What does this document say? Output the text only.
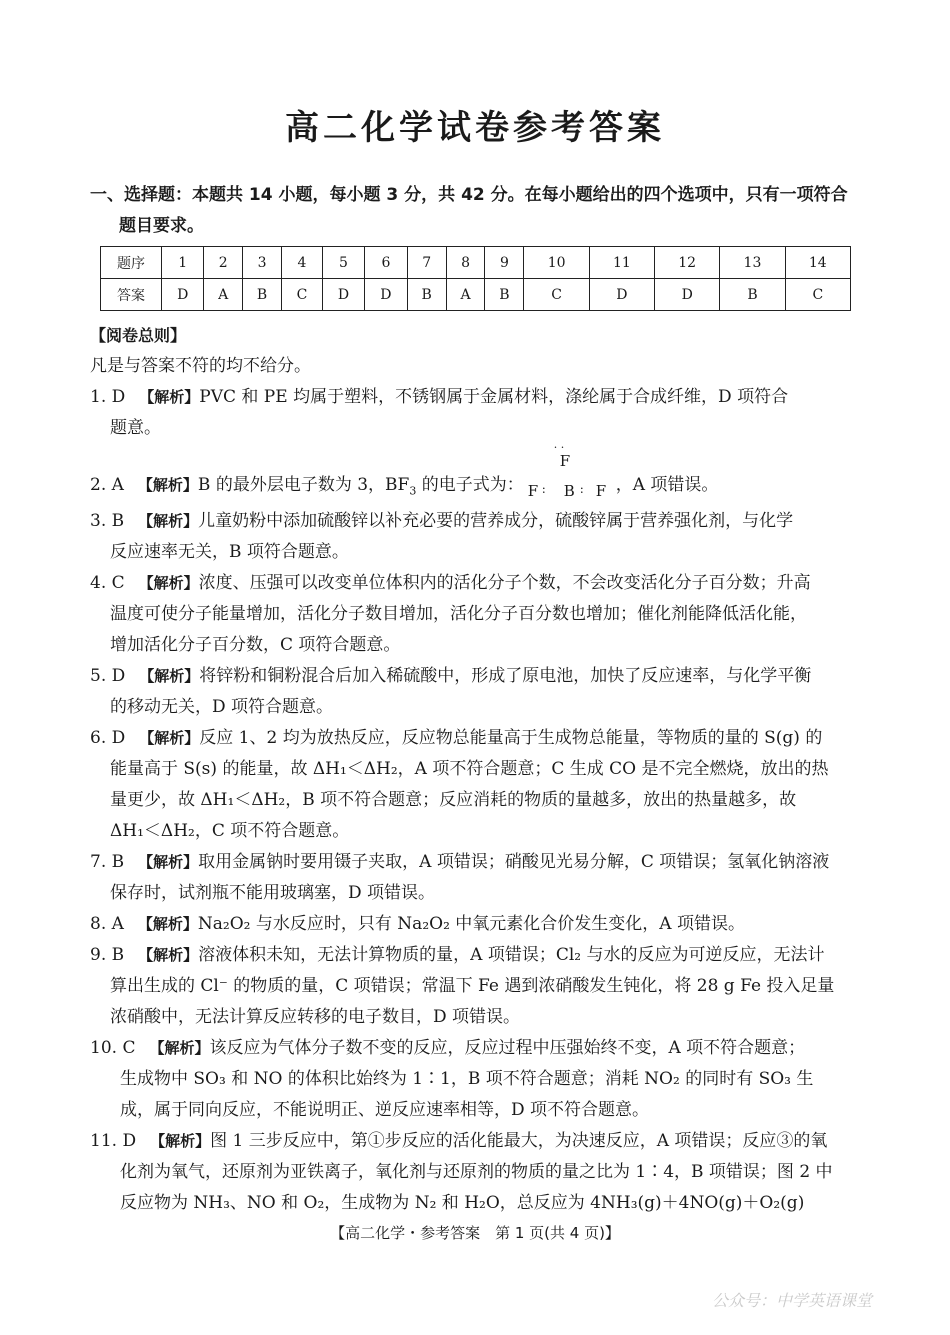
高二化学试卷参考答案
一、选择题：本题共 14 小题，每小题 3 分，共 42 分。在每小题给出的四个选项中，只有一项符合
题目要求。
题序	1	2	3	4	5	6	7	8	9	10	11	12	13	14
答案	D	A	B	C	D	D	B	A	B	C	D	D	B	C
【阅卷总则】
凡是与答案不符的均不给分。
1. D 【解析】PVC 和 PE 均属于塑料，不锈钢属于金属材料，涤纶属于合成纤维，D 项符合
题意。
2. A 【解析】B 的最外层电子数为 3，$BF_3$ 的电子式为：
F
· ·
F B F
:	: ，A 项错误。
3. B 【解析】儿童奶粉中添加硫酸锌以补充必要的营养成分，硫酸锌属于营养强化剂，与化学
反应速率无关，B 项符合题意。
4. C 【解析】浓度、压强可以改变单位体积内的活化分子个数，不会改变活化分子百分数；升高
温度可使分子能量增加，活化分子数目增加，活化分子百分数也增加；催化剂能降低活化能，
增加活化分子百分数，C 项符合题意。
5. D 【解析】将锌粉和铜粉混合后加入稀硫酸中，形成了原电池，加快了反应速率，与化学平衡
的移动无关，D 项符合题意。
6. D 【解析】反应 1、2 均为放热反应，反应物总能量高于生成物总能量，等物质的量的 S(g) 的
能量高于 S(s) 的能量，故 ΔH₁＜ΔH₂，A 项不符合题意；C 生成 CO 是不完全燃烧，放出的热
量更少，故 ΔH₁＜ΔH₂，B 项不符合题意；反应消耗的物质的量越多，放出的热量越多，故
ΔH₁＜ΔH₂，C 项不符合题意。
7. B 【解析】取用金属钠时要用镊子夹取，A 项错误；硝酸见光易分解，C 项错误；氢氧化钠溶液
保存时，试剂瓶不能用玻璃塞，D 项错误。
8. A 【解析】Na₂O₂ 与水反应时，只有 Na₂O₂ 中氧元素化合价发生变化，A 项错误。
9. B 【解析】溶液体积未知，无法计算物质的量，A 项错误；Cl₂ 与水的反应为可逆反应，无法计
算出生成的 Cl⁻ 的物质的量，C 项错误；常温下 Fe 遇到浓硝酸发生钝化，将 28 g Fe 投入足量
浓硝酸中，无法计算反应转移的电子数目，D 项错误。
10. C 【解析】该反应为气体分子数不变的反应，反应过程中压强始终不变，A 项不符合题意；
生成物中 SO₃ 和 NO 的体积比始终为 1∶1，B 项不符合题意；消耗 NO₂ 的同时有 SO₃ 生
成，属于同向反应，不能说明正、逆反应速率相等，D 项不符合题意。
11. D 【解析】图 1 三步反应中，第①步反应的活化能最大，为决速反应，A 项错误；反应③的氧
化剂为氧气，还原剂为亚铁离子，氧化剂与还原剂的物质的量之比为 1∶4，B 项错误；图 2 中
反应物为 NH₃、NO 和 O₂，生成物为 N₂ 和 H₂O，总反应为 4NH₃(g)＋4NO(g)＋O₂(g)
【高二化学・参考答案　第 1 页(共 4 页)】
公众号：中学英语课堂
